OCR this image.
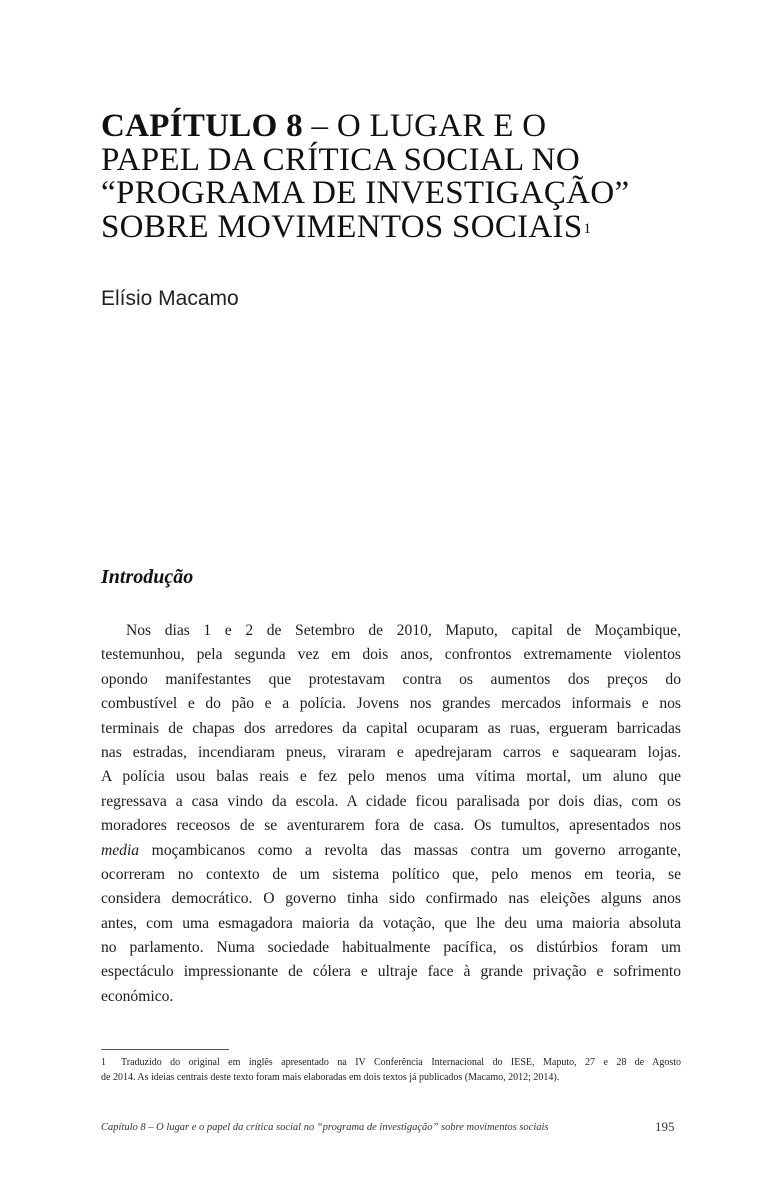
CAPÍTULO 8 – O LUGAR E O
PAPEL DA CRÍTICA SOCIAL NO
“PROGRAMA DE INVESTIGAÇÃO”
SOBRE MOVIMENTOS SOCIAIS$^1$
Elísio Macamo
Introdução
Nos dias 1 e 2 de Setembro de 2010, Maputo, capital de Moçambique,
testemunhou, pela segunda vez em dois anos, confrontos extremamente violentos
opondo manifestantes que protestavam contra os aumentos dos preços do
combustível e do pão e a polícia. Jovens nos grandes mercados informais e nos
terminais de chapas dos arredores da capital ocuparam as ruas, ergueram barricadas
nas estradas, incendiaram pneus, viraram e apedrejaram carros e saquearam lojas.
A polícia usou balas reais e fez pelo menos uma vítima mortal, um aluno que
regressava a casa vindo da escola. A cidade ficou paralisada por dois dias, com os
moradores receosos de se aventurarem fora de casa. Os tumultos, apresentados nos
media moçambicanos como a revolta das massas contra um governo arrogante,
ocorreram no contexto de um sistema político que, pelo menos em teoria, se
considera democrático. O governo tinha sido confirmado nas eleições alguns anos
antes, com uma esmagadora maioria da votação, que lhe deu uma maioria absoluta
no parlamento. Numa sociedade habitualmente pacífica, os distúrbios foram um
espectáculo impressionante de cólera e ultraje face à grande privação e sofrimento
económico.
1 Traduzido do original em inglês apresentado na IV Conferência Internacional do IESE, Maputo, 27 e 28 de Agosto
de 2014. As ideias centrais deste texto foram mais elaboradas em dois textos já publicados (Macamo, 2012; 2014).
Capítulo 8 – O lugar e o papel da crítica social no “programa de investigação” sobre movimentos sociais	195
